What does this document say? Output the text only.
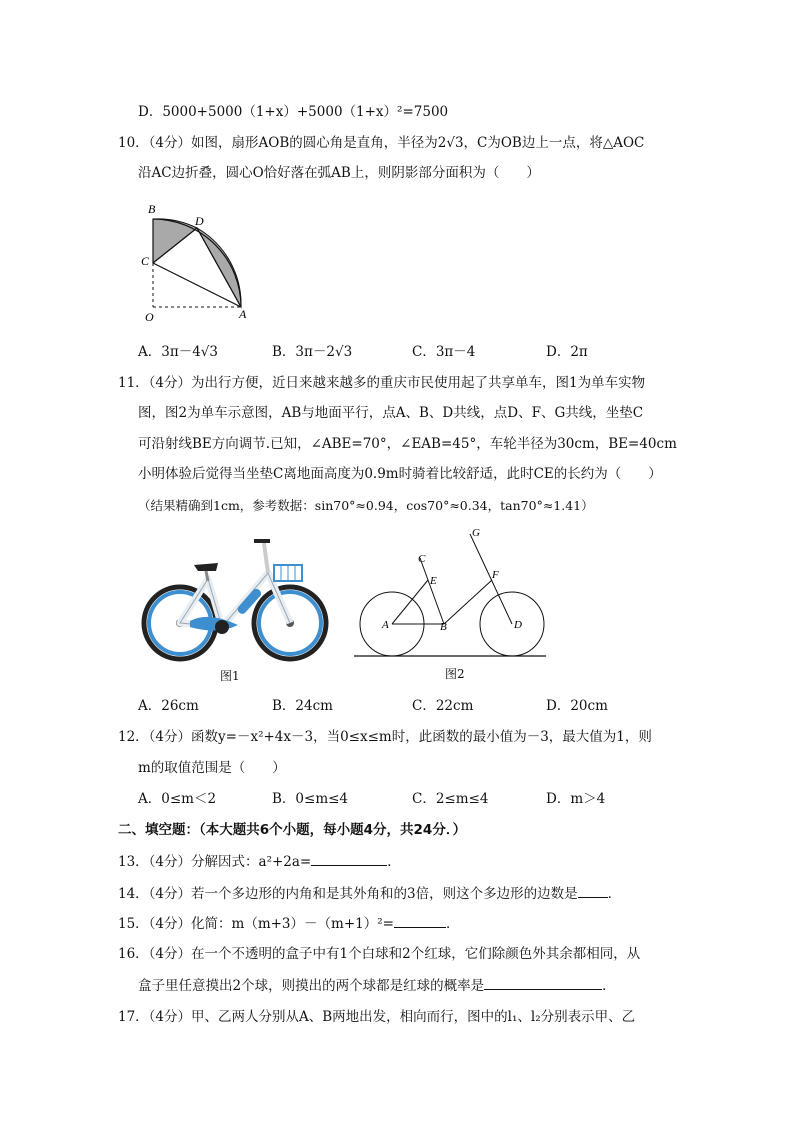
D．5000+5000（1+x）+5000（1+x）²=7500
10．（4分）如图，扇形AOB的圆心角是直角，半径为2√3，C为OB边上一点，将△AOC
沿AC边折叠，圆心O恰好落在弧AB上，则阴影部分面积为（　　）
B
D
C
O	A
A．3π－4√3	B．3π－2√3	C．3π－4	D．2π
11．（4分）为出行方便，近日来越来越多的重庆市民使用起了共享单车，图1为单车实物
图，图2为单车示意图，AB与地面平行，点A、B、D共线，点D、F、G共线，坐垫C
可沿射线BE方向调节.已知，∠ABE=70°，∠EAB=45°，车轮半径为30cm，BE=40cm
小明体验后觉得当坐垫C离地面高度为0.9m时骑着比较舒适，此时CE的长约为（　　）
（结果精确到1cm，参考数据：sin70°≈0.94，cos70°≈0.34，tan70°≈1.41）
图1
C
E
G
F
A	B	D
图2
A．26cm	B．24cm	C．22cm	D．20cm
12．（4分）函数y=－x²+4x－3，当0≤x≤m时，此函数的最小值为－3，最大值为1，则
m的取值范围是（　　）
A．0≤m＜2	B．0≤m≤4	C．2≤m≤4	D．m＞4
二、填空题：（本大题共6个小题，每小题4分，共24分．）
13．（4分）分解因式：a²+2a=	．
14．（4分）若一个多边形的内角和是其外角和的3倍，则这个多边形的边数是 ．
15．（4分）化简：m（m+3）－（m+1）²=	．
16．（4分）在一个不透明的盒子中有1个白球和2个红球，它们除颜色外其余都相同，从
盒子里任意摸出2个球，则摸出的两个球都是红球的概率是	．
17．（4分）甲、乙两人分别从A、B两地出发，相向而行，图中的l₁、l₂分别表示甲、乙
